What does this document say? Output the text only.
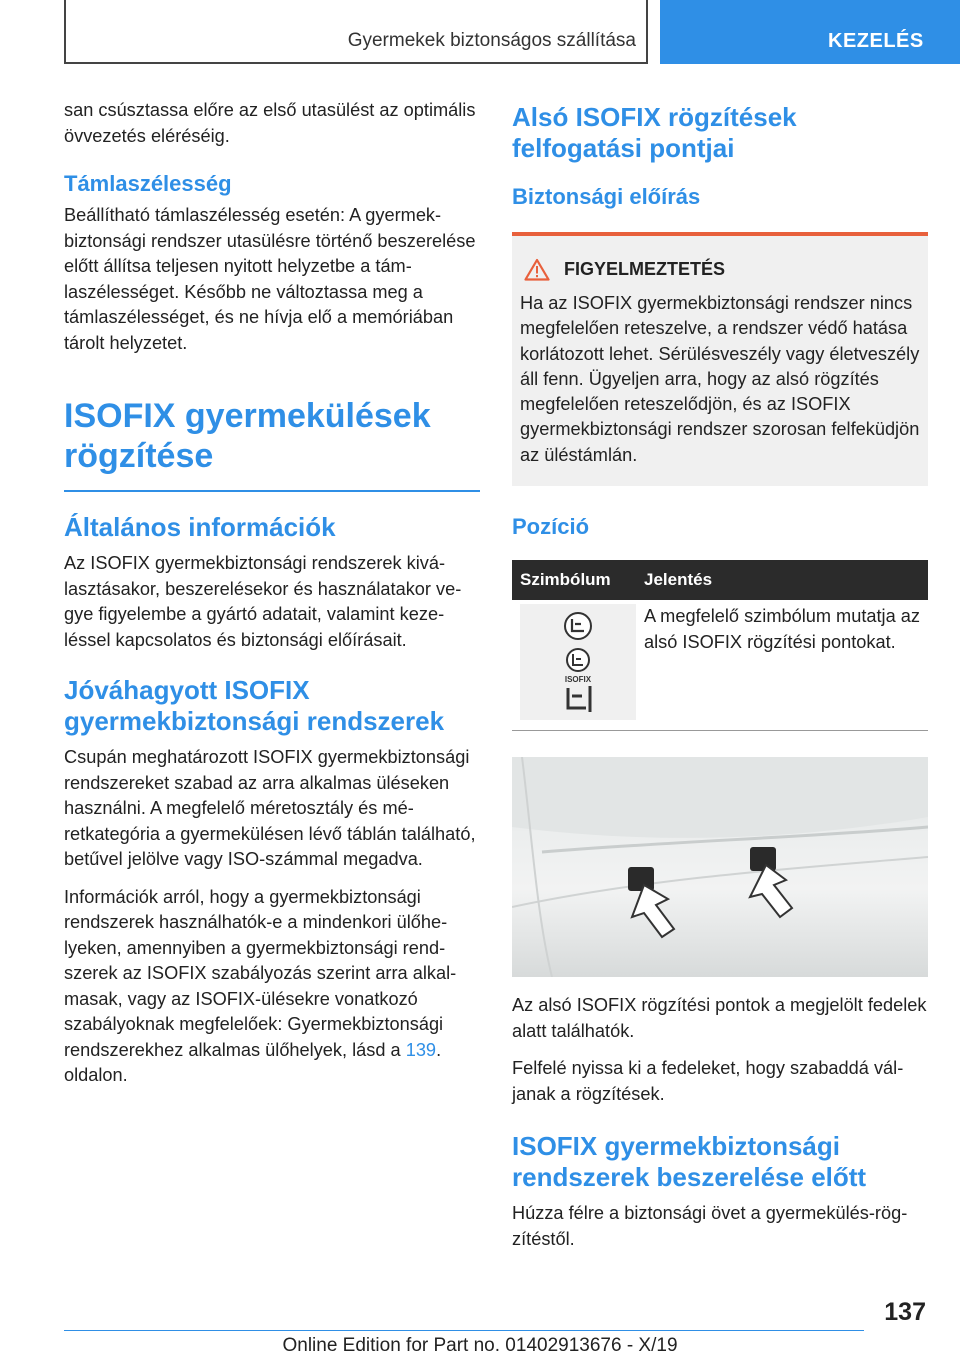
Gyermekek biztonságos szállítása	KEZELÉS

san csúsztassa előre az első utasülést az optimális övvezetés eléréséig.

Támlaszélesség

Beállítható támlaszélesség esetén: A gyermekbiztonsági rendszer utasülésre történő beszerelése előtt állítsa teljesen nyitott helyzetbe a támlaszélességet. Később ne változtassa meg a támlaszélességet, és ne hívja elő a memóriában tárolt helyzetet.

ISOFIX gyermekülések rögzítése
Általános információk

Az ISOFIX gyermekbiztonsági rendszerek kiválasztásakor, beszerelésekor és használatakor vegye figyelembe a gyártó adatait, valamint kezeléssel kapcsolatos és biztonsági előírásait.

Jóváhagyott ISOFIX gyermekbiztonsági rendszerek

Csupán meghatározott ISOFIX gyermekbiztonsági rendszereket szabad az arra alkalmas üléseken használni. A megfelelő méretosztály és méretkategória a gyermekülésen lévő táblán található, betűvel jelölve vagy ISO-számmal megadva.

Információk arról, hogy a gyermekbiztonsági rendszerek használhatók-e a mindenkori ülőhelyeken, amennyiben a gyermekbiztonsági rendszerek az ISOFIX szabályozás szerint arra alkalmasak, vagy az ISOFIX-ülésekre vonatkozó szabályoknak megfelelőek: Gyermekbiztonsági rendszerekhez alkalmas ülőhelyek, lásd a 139. oldalon.

Alsó ISOFIX rögzítések felfogatási pontjai
Biztonsági előírás
FIGYELMEZTETÉS

Ha az ISOFIX gyermekbiztonsági rendszer nincs megfelelően reteszelve, a rendszer védő hatása korlátozott lehet. Sérülésveszély vagy életveszély áll fenn. Ügyeljen arra, hogy az alsó rögzítés megfelelően reteszelődjön, és az ISOFIX gyermekbiztonsági rendszer szorosan felfeküdjön az üléstámlán.

Pozíció
Szimbólum	Jelentés
ISOFIX

A megfelelő szimbólum mutatja az alsó ISOFIX rögzítési pontokat.

Az alsó ISOFIX rögzítési pontok a megjelölt fedelek alatt találhatók.

Felfelé nyissa ki a fedeleket, hogy szabaddá váljanak a rögzítések.

ISOFIX gyermekbiztonsági rendszerek beszerelése előtt

Húzza félre a biztonsági övet a gyermekülés-rögzítéstől.

137
Online Edition for Part no. 01402913676 - X/19
